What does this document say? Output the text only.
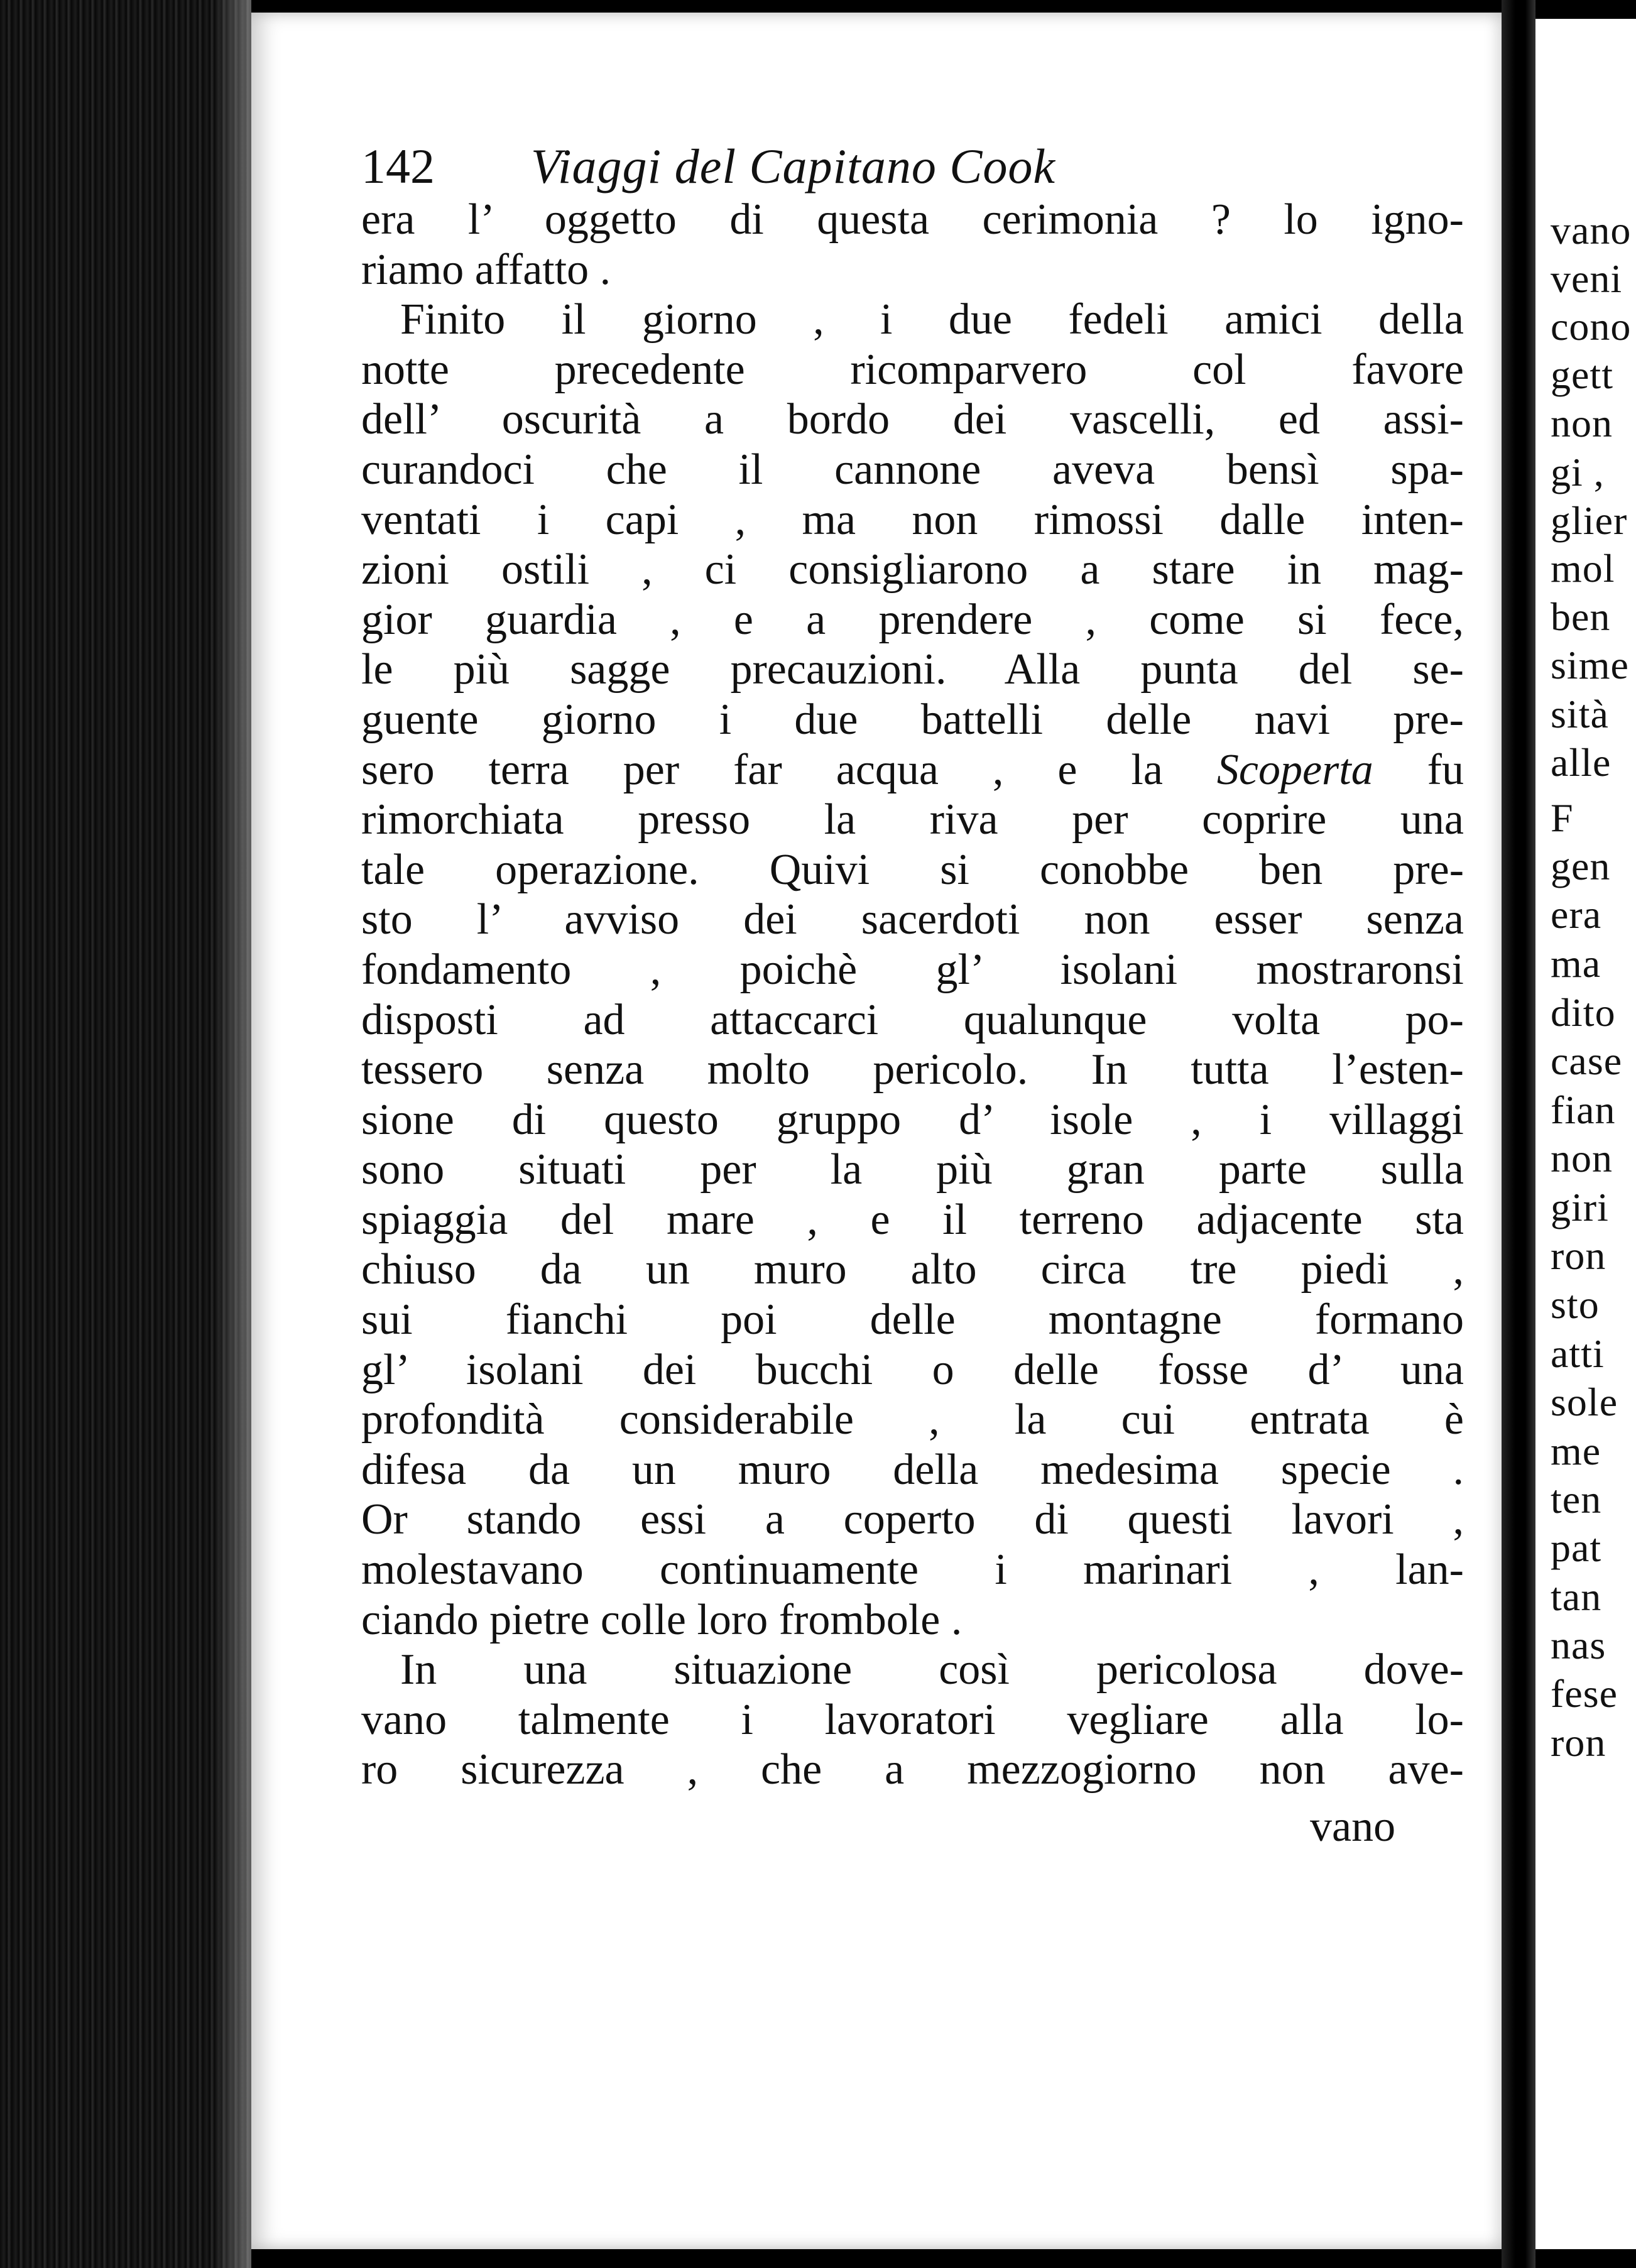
142 Viaggi del Capitano Cook
era l’ oggetto di questa cerimonia ? lo igno-
riamo affatto .
Finito il giorno , i due fedeli amici della
notte precedente ricomparvero col favore
dell’ oscurità a bordo dei vascelli, ed assi-
curandoci che il cannone aveva bensì spa-
ventati i capi , ma non rimossi dalle inten-
zioni ostili , ci consigliarono a stare in mag-
gior guardia , e a prendere , come si fece,
le più sagge precauzioni. Alla punta del se-
guente giorno i due battelli delle navi pre-
sero terra per far acqua , e la Scoperta fu
rimorchiata presso la riva per coprire una
tale operazione. Quivi si conobbe ben pre-
sto l’ avviso dei sacerdoti non esser senza
fondamento , poichè gl’ isolani mostraronsi
disposti ad attaccarci qualunque volta po-
tessero senza molto pericolo. In tutta l’esten-
sione di questo gruppo d’ isole , i villaggi
sono situati per la più gran parte sulla
spiaggia del mare , e il terreno adjacente sta
chiuso da un muro alto circa tre piedi ,
sui fianchi poi delle montagne formano
gl’ isolani dei bucchi o delle fosse d’ una
profondità considerabile , la cui entrata è
difesa da un muro della medesima specie .
Or stando essi a coperto di questi lavori ,
molestavano continuamente i marinari , lan-
ciando pietre colle loro frombole .
In una situazione così pericolosa dove-
vano talmente i lavoratori vegliare alla lo-
ro sicurezza , che a mezzogiorno non ave-
vano
vano
veni
cono
gett
non
gi ,
glier
mol
ben
sime
sità
alle
F
gen
era
ma
dito
case
fian
non
giri
ron
sto
atti
sole
me
ten
pat
tan
nas
fese
ron
